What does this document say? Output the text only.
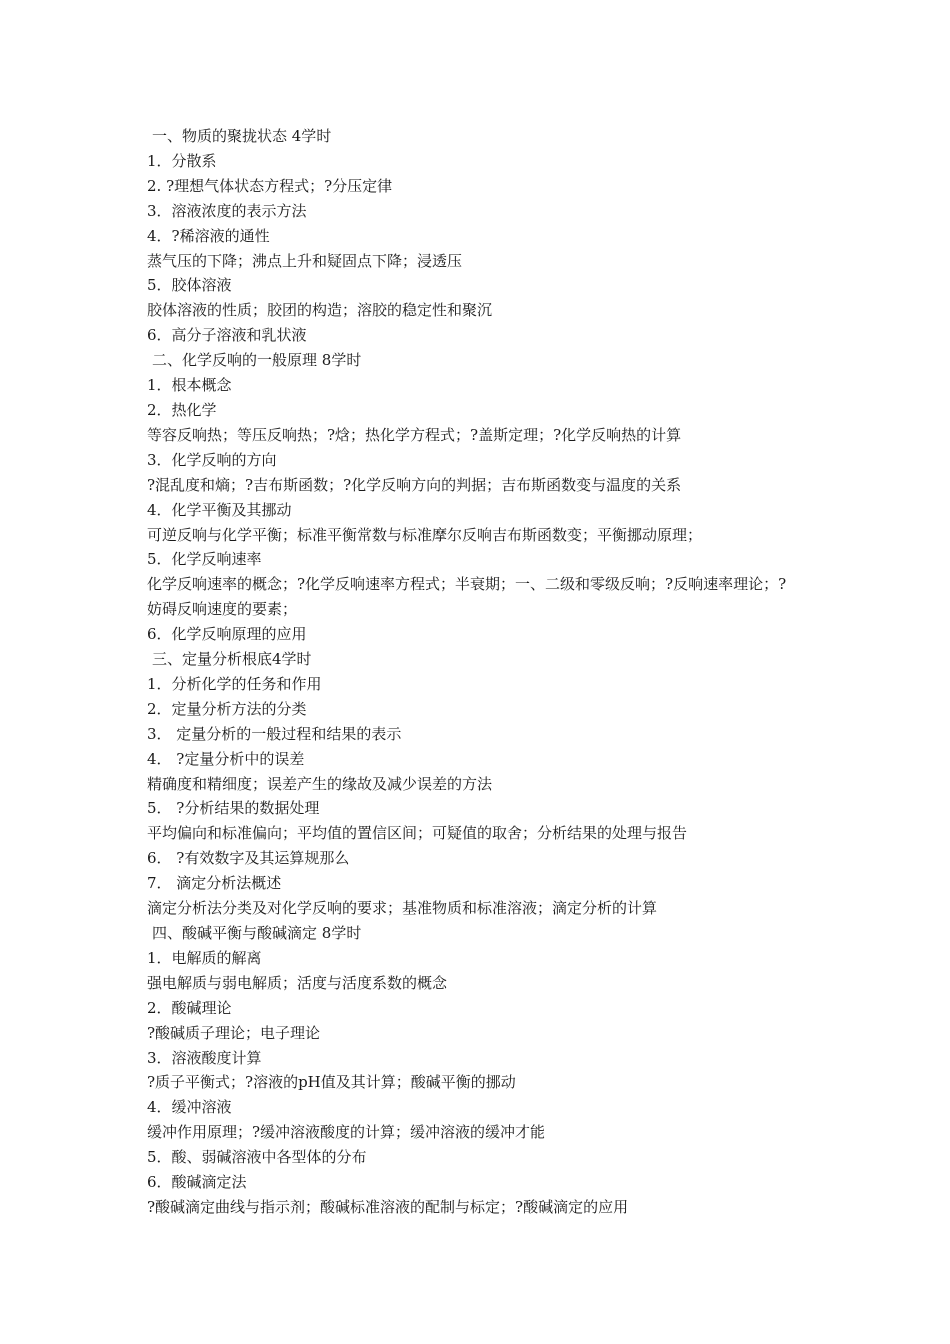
一、物质的聚拢状态 4学时

1．分散系

2. ?理想气体状态方程式；?分压定律

3．溶液浓度的表示方法

4．?稀溶液的通性

蒸气压的下降；沸点上升和疑固点下降；浸透压

5．胶体溶液

胶体溶液的性质；胶团的构造；溶胶的稳定性和聚沉

6．高分子溶液和乳状液

二、化学反响的一般原理 8学时

1．根本概念

2．热化学

等容反响热；等压反响热；?焓；热化学方程式；?盖斯定理；?化学反响热的计算

3．化学反响的方向

?混乱度和熵；?吉布斯函数；?化学反响方向的判据；吉布斯函数变与温度的关系

4．化学平衡及其挪动

可逆反响与化学平衡；标准平衡常数与标准摩尔反响吉布斯函数变；平衡挪动原理；

5．化学反响速率

化学反响速率的概念；?化学反响速率方程式；半衰期；一、二级和零级反响；?反响速率理论；?妨碍反响速度的要素；

6．化学反响原理的应用

三、定量分析根底4学时

1．分析化学的任务和作用

2．定量分析方法的分类

3． 定量分析的一般过程和结果的表示

4． ?定量分析中的误差

精确度和精细度；误差产生的缘故及减少误差的方法

5． ?分析结果的数据处理

平均偏向和标准偏向；平均值的置信区间；可疑值的取舍；分析结果的处理与报告

6． ?有效数字及其运算规那么

7． 滴定分析法概述

滴定分析法分类及对化学反响的要求；基准物质和标准溶液；滴定分析的计算

四、酸碱平衡与酸碱滴定 8学时

1．电解质的解离

强电解质与弱电解质；活度与活度系数的概念

2．酸碱理论

?酸碱质子理论；电子理论

3．溶液酸度计算

?质子平衡式；?溶液的pH值及其计算；酸碱平衡的挪动

4．缓冲溶液

缓冲作用原理；?缓冲溶液酸度的计算；缓冲溶液的缓冲才能

5．酸、弱碱溶液中各型体的分布

6．酸碱滴定法

?酸碱滴定曲线与指示剂；酸碱标准溶液的配制与标定；?酸碱滴定的应用
